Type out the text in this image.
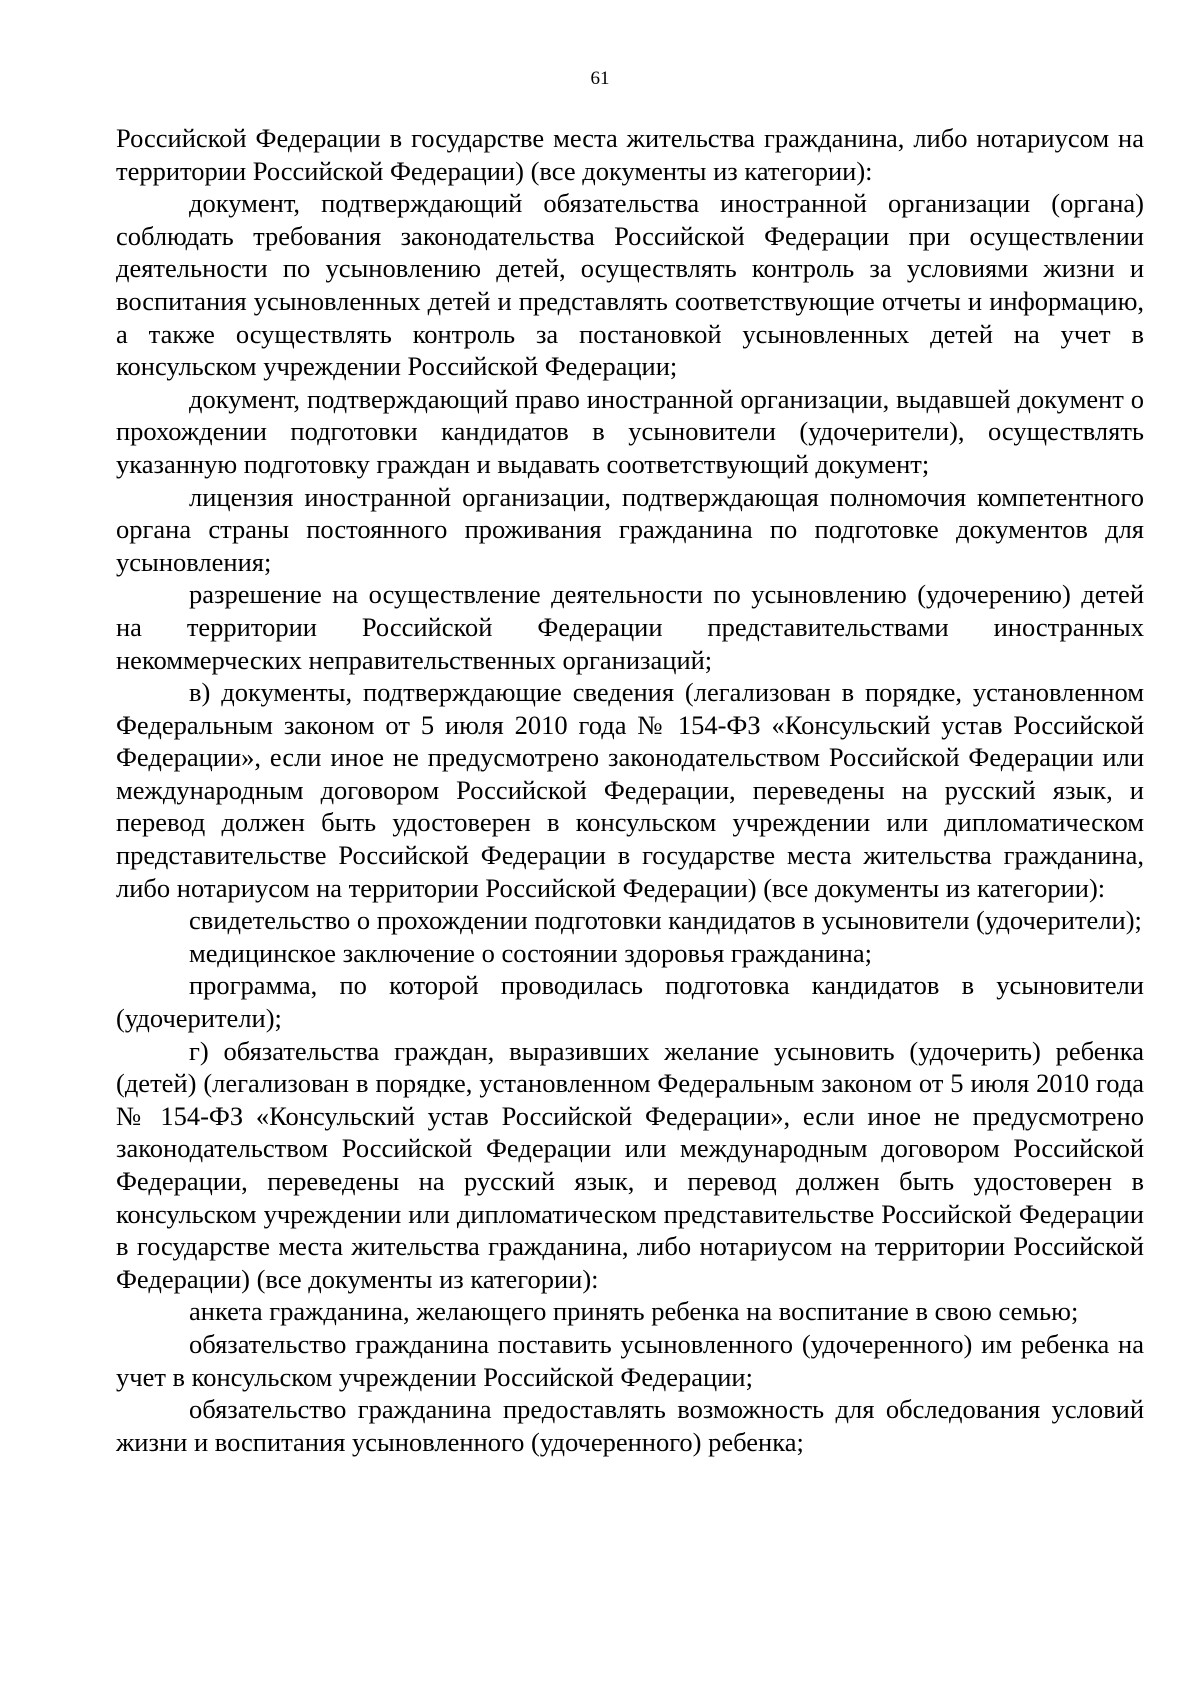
61

Российской Федерации в государстве места жительства гражданина, либо нотариусом на территории Российской Федерации) (все документы из категории):

документ, подтверждающий обязательства иностранной организации (органа) соблюдать требования законодательства Российской Федерации при осуществлении деятельности по усыновлению детей, осуществлять контроль за условиями жизни и воспитания усыновленных детей и представлять соответствующие отчеты и информацию, а также осуществлять контроль за постановкой усыновленных детей на учет в консульском учреждении Российской Федерации;

документ, подтверждающий право иностранной организации, выдавшей документ о прохождении подготовки кандидатов в усыновители (удочерители), осуществлять указанную подготовку граждан и выдавать соответствующий документ;

лицензия иностранной организации, подтверждающая полномочия компетентного органа страны постоянного проживания гражданина по подготовке документов для усыновления;

разрешение на осуществление деятельности по усыновлению (удочерению) детей на территории Российской Федерации представительствами иностранных некоммерческих неправительственных организаций;

в) документы, подтверждающие сведения (легализован в порядке, установленном Федеральным законом от 5 июля 2010 года № 154-ФЗ «Консульский устав Российской Федерации», если иное не предусмотрено законодательством Российской Федерации или международным договором Российской Федерации, переведены на русский язык, и перевод должен быть удостоверен в консульском учреждении или дипломатическом представительстве Российской Федерации в государстве места жительства гражданина, либо нотариусом на территории Российской Федерации) (все документы из категории):

свидетельство о прохождении подготовки кандидатов в усыновители (удочерители);

медицинское заключение о состоянии здоровья гражданина;

программа, по которой проводилась подготовка кандидатов в усыновители (удочерители);

г) обязательства граждан, выразивших желание усыновить (удочерить) ребенка (детей) (легализован в порядке, установленном Федеральным законом от 5 июля 2010 года № 154-ФЗ «Консульский устав Российской Федерации», если иное не предусмотрено законодательством Российской Федерации или международным договором Российской Федерации, переведены на русский язык, и перевод должен быть удостоверен в консульском учреждении или дипломатическом представительстве Российской Федерации в государстве места жительства гражданина, либо нотариусом на территории Российской Федерации) (все документы из категории):

анкета гражданина, желающего принять ребенка на воспитание в свою семью;

обязательство гражданина поставить усыновленного (удочеренного) им ребенка на учет в консульском учреждении Российской Федерации;

обязательство гражданина предоставлять возможность для обследования условий жизни и воспитания усыновленного (удочеренного) ребенка;
